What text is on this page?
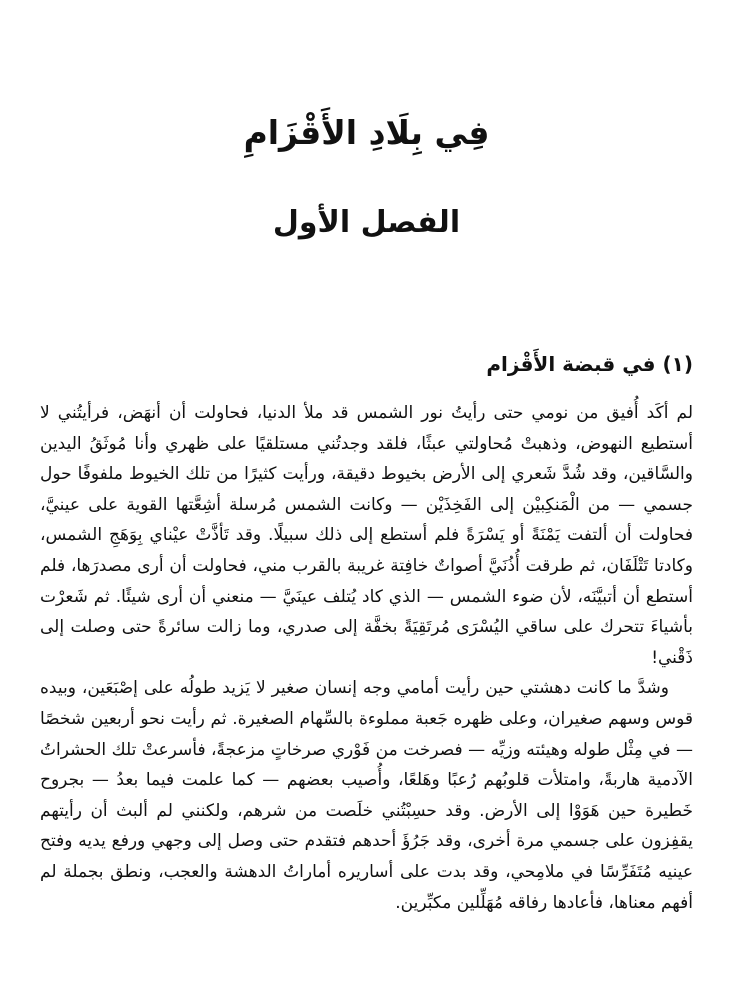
فِي بِلَادِ الأَقْزَامِ
الفصل الأول
(١) في قبضة الأَقْزام

لم أكَد أُفيق من نومي حتى رأيتُ نور الشمس قد ملأ الدنيا، فحاولت أن أنهَض، فرأيتُني لا أستطيع النهوض، وذهبتْ مُحاولتي عبثًا، فلقد وجدتُني مستلقيًا على ظهري وأنا مُوثَقُ اليدين والسَّاقين، وقد شُدَّ شَعري إلى الأرض بخيوط دقيقة، ورأيت كثيرًا من تلك الخيوط ملفوفًا حول جسمي — من الْمَنكِبيْن إلى الفَخِذَيْن — وكانت الشمس مُرسلة أشِعَّتها القوية على عينيَّ، فحاولت أن ألتفت يَمْنَةً أو يَسْرَةً فلم أستطع إلى ذلك سبيلًا. وقد تَأذَّتْ عيْناي بِوَهَجِ الشمس، وكادتا تَتْلَفَان، ثم طرقت أُذُنَيَّ أصواتٌ خافِتة غريبة بالقرب مني، فحاولت أن أرى مصدرَها، فلم أستطع أن أتبيَّنَه، لأن ضوء الشمس — الذي كاد يُتلف عينَيَّ — منعني أن أرى شيئًا. ثم شَعرْت بأشياءَ تتحرك على ساقي اليُسْرَى مُرتَقِيَةً بخفَّة إلى صدري، وما زالت سائرةً حتى وصلت إلى ذَقْني!

وشدَّ ما كانت دهشتي حين رأيت أمامي وجه إنسان صغير لا يَزيد طولُه على إصْبَعَين، وبيده قوس وسهم صغيران، وعلى ظهره جَعبة مملوءة بالسِّهام الصغيرة. ثم رأيت نحو أربعين شخصًا — في مِثْل طوله وهيئته وزيِّه — فصرخت من فَوْري صرخاتٍ مزعجةً، فأسرعتْ تلك الحشراتُ الآدمية هاربةً، وامتلأت قلوبُهم رُعبًا وهَلعًا، وأُصيب بعضهم — كما علمت فيما بعدُ — بجروح خَطيرة حين هَوَوْا إلى الأرض. وقد حسِبْتُني خلَصت من شرهم، ولكنني لم ألبث أن رأيتهم يقفِزون على جسمي مرة أخرى، وقد جَرُؤَ أحدهم فتقدم حتى وصل إلى وجهي ورفع يديه وفتح عينيه مُتَفَرِّسًا في ملامِحي، وقد بدت على أساريره أماراتُ الدهشة والعجب، ونطق بجملة لم أفهم معناها، فأعادها رفاقه مُهَلِّلين مكبِّرين.
